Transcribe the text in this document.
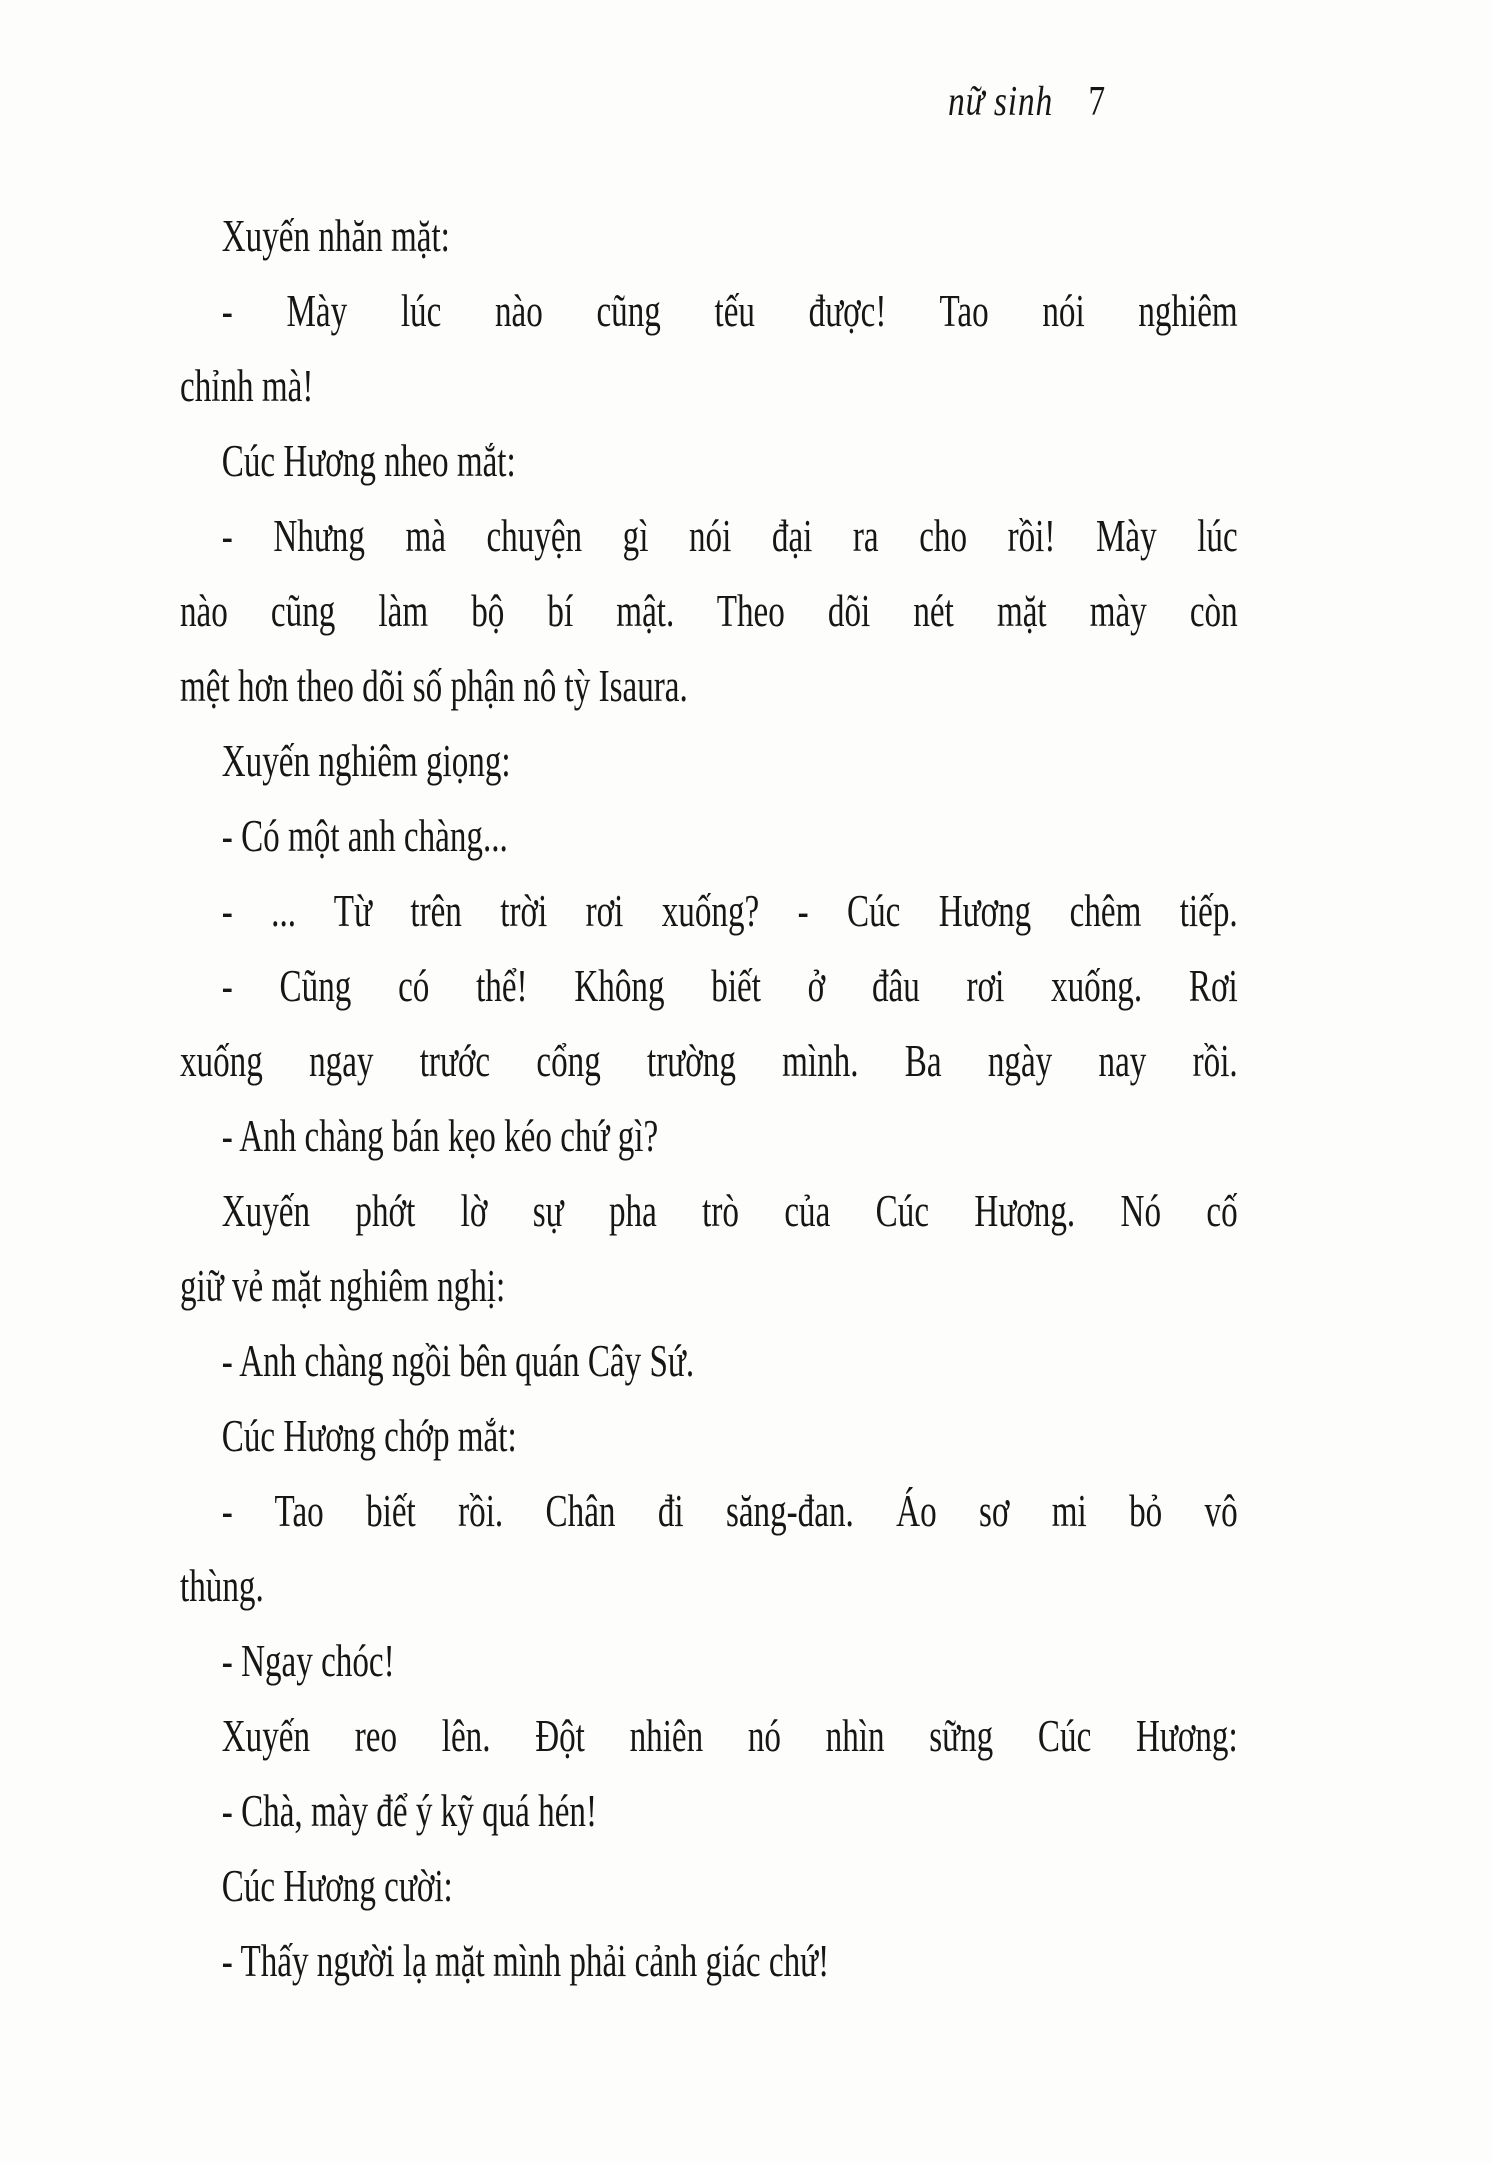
nữ sinh 7
Xuyến nhăn mặt:
- Mày lúc nào cũng tếu được! Tao nói nghiêm
chỉnh mà!
Cúc Hương nheo mắt:
- Nhưng mà chuyện gì nói đại ra cho rồi! Mày lúc
nào cũng làm bộ bí mật. Theo dõi nét mặt mày còn
mệt hơn theo dõi số phận nô tỳ Isaura.
Xuyến nghiêm giọng:
- Có một anh chàng...
- ... Từ trên trời rơi xuống? - Cúc Hương chêm tiếp.
- Cũng có thể! Không biết ở đâu rơi xuống. Rơi
xuống ngay trước cổng trường mình. Ba ngày nay rồi.
- Anh chàng bán kẹo kéo chứ gì?
Xuyến phớt lờ sự pha trò của Cúc Hương. Nó cố
giữ vẻ mặt nghiêm nghị:
- Anh chàng ngồi bên quán Cây Sứ.
Cúc Hương chớp mắt:
- Tao biết rồi. Chân đi săng-đan. Áo sơ mi bỏ vô
thùng.
- Ngay chóc!
Xuyến reo lên. Đột nhiên nó nhìn sững Cúc Hương:
- Chà, mày để ý kỹ quá hén!
Cúc Hương cười:
- Thấy người lạ mặt mình phải cảnh giác chứ!
